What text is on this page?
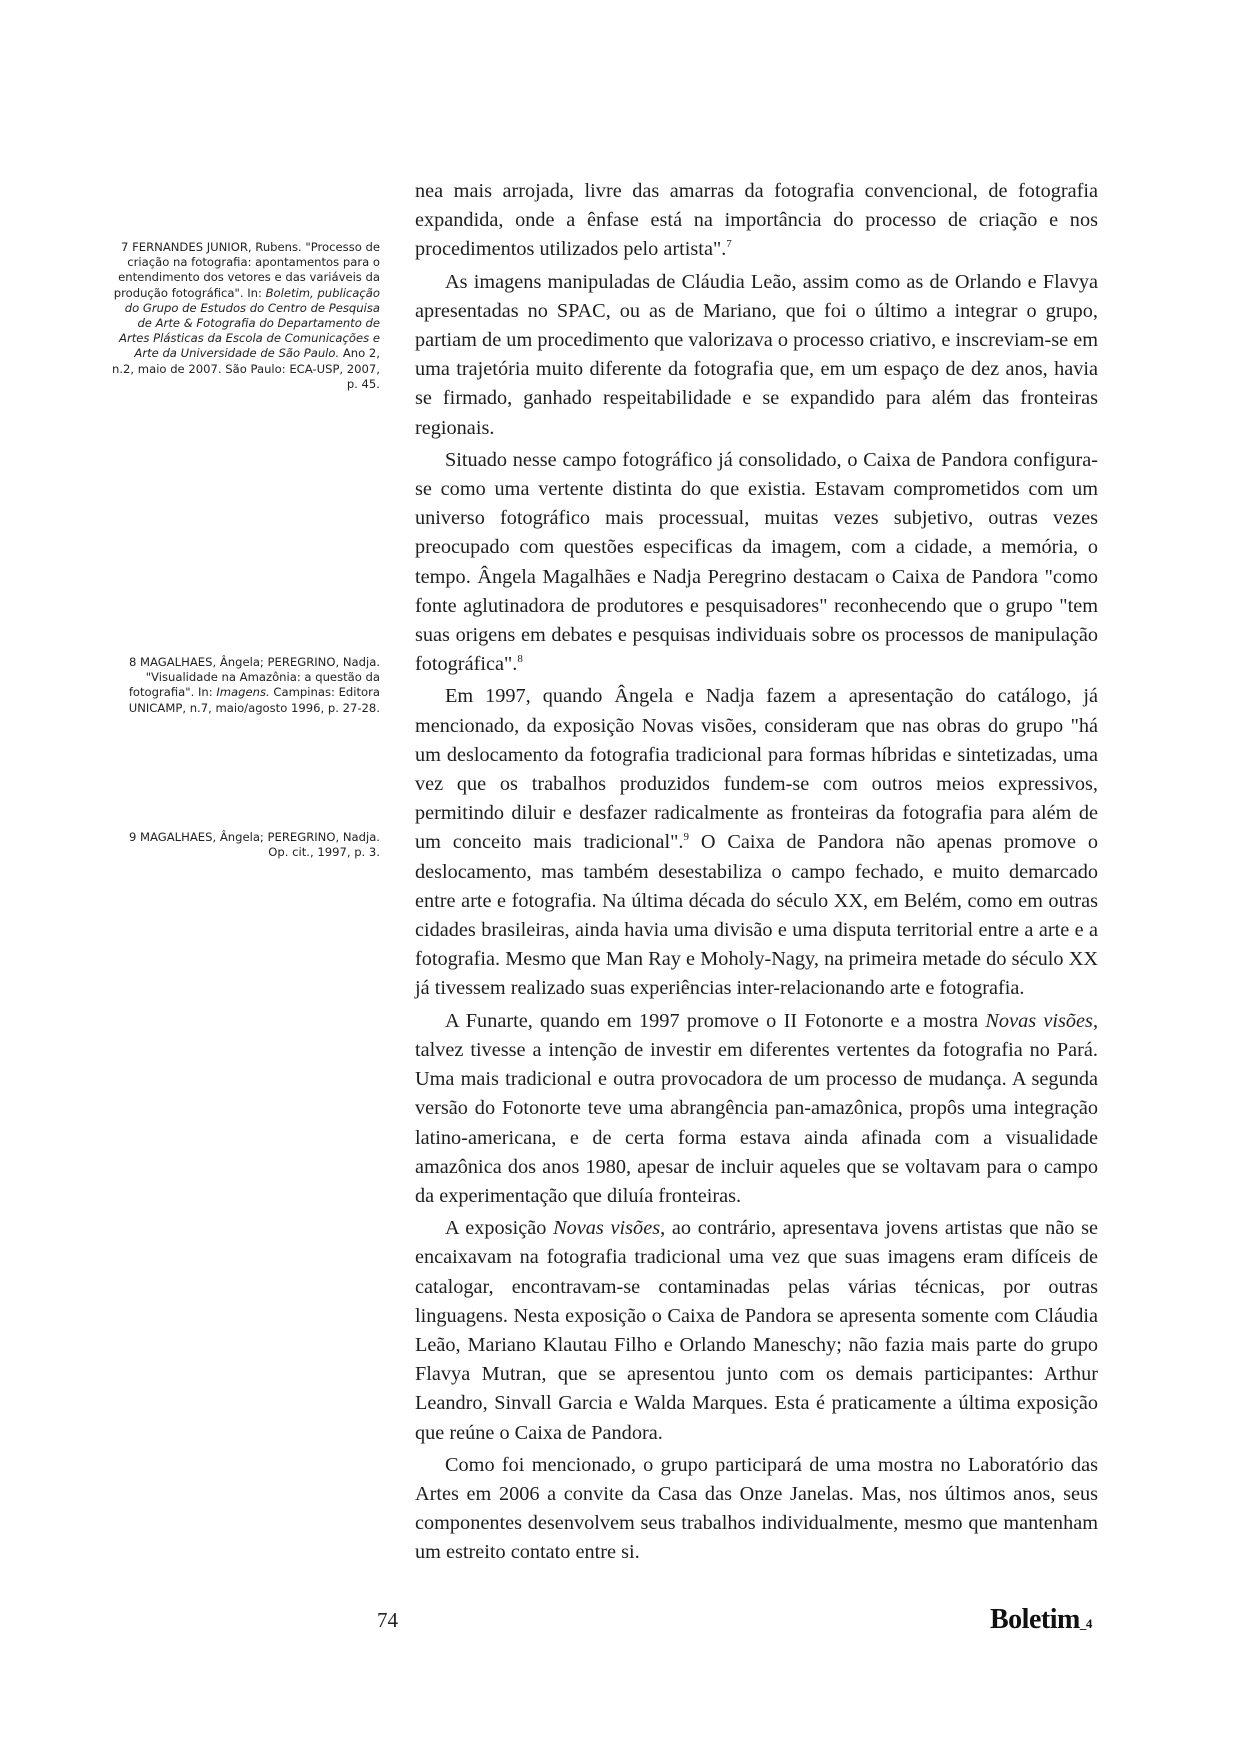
7 FERNANDES JUNIOR, Rubens. "Processo de criação na fotografia: apontamentos para o entendimento dos vetores e das variáveis da produção fotográfica". In: Boletim, publicação do Grupo de Estudos do Centro de Pesquisa de Arte & Fotografia do Departamento de Artes Plásticas da Escola de Comunicações e Arte da Universidade de São Paulo. Ano 2, n.2, maio de 2007. São Paulo: ECA-USP, 2007, p. 45.
8 MAGALHAES, Ângela; PEREGRINO, Nadja. "Visualidade na Amazônia: a questão da fotografia". In: Imagens. Campinas: Editora UNICAMP, n.7, maio/agosto 1996, p. 27-28.
9 MAGALHAES, Ângela; PEREGRINO, Nadja. Op. cit., 1997, p. 3.

nea mais arrojada, livre das amarras da fotografia convencional, de fotografia expandida, onde a ênfase está na importância do processo de criação e nos procedimentos utilizados pelo artista".$^7$

As imagens manipuladas de Cláudia Leão, assim como as de Orlando e Flavya apresentadas no SPAC, ou as de Mariano, que foi o último a integrar o grupo, partiam de um procedimento que valorizava o processo criativo, e inscreviam-se em uma trajetória muito diferente da fotografia que, em um espaço de dez anos, havia se firmado, ganhado respeitabilidade e se expandido para além das fronteiras regionais.

Situado nesse campo fotográfico já consolidado, o Caixa de Pandora configura-se como uma vertente distinta do que existia. Estavam comprometidos com um universo fotográfico mais processual, muitas vezes subjetivo, outras vezes preocupado com questões especificas da imagem, com a cidade, a memória, o tempo. Ângela Magalhães e Nadja Peregrino destacam o Caixa de Pandora "como fonte aglutinadora de produtores e pesquisadores" reconhecendo que o grupo "tem suas origens em debates e pesquisas individuais sobre os processos de manipulação fotográfica".$^8$

Em 1997, quando Ângela e Nadja fazem a apresentação do catálogo, já mencionado, da exposição Novas visões, consideram que nas obras do grupo "há um deslocamento da fotografia tradicional para formas híbridas e sintetizadas, uma vez que os trabalhos produzidos fundem-se com outros meios expressivos, permitindo diluir e desfazer radicalmente as fronteiras da fotografia para além de um conceito mais tradicional".$^9$ O Caixa de Pandora não apenas promove o deslocamento, mas também desestabiliza o campo fechado, e muito demarcado entre arte e fotografia. Na última década do século XX, em Belém, como em outras cidades brasileiras, ainda havia uma divisão e uma disputa territorial entre a arte e a fotografia. Mesmo que Man Ray e Moholy-Nagy, na primeira metade do século XX já tivessem realizado suas experiências inter-relacionando arte e fotografia.

A Funarte, quando em 1997 promove o II Fotonorte e a mostra Novas visões, talvez tivesse a intenção de investir em diferentes vertentes da fotografia no Pará. Uma mais tradicional e outra provocadora de um processo de mudança. A segunda versão do Fotonorte teve uma abrangência pan-amazônica, propôs uma integração latino-americana, e de certa forma estava ainda afinada com a visualidade amazônica dos anos 1980, apesar de incluir aqueles que se voltavam para o campo da experimentação que diluía fronteiras.

A exposição Novas visões, ao contrário, apresentava jovens artistas que não se encaixavam na fotografia tradicional uma vez que suas imagens eram difíceis de catalogar, encontravam-se contaminadas pelas várias técnicas, por outras linguagens. Nesta exposição o Caixa de Pandora se apresenta somente com Cláudia Leão, Mariano Klautau Filho e Orlando Maneschy; não fazia mais parte do grupo Flavya Mutran, que se apresentou junto com os demais participantes: Arthur Leandro, Sinvall Garcia e Walda Marques. Esta é praticamente a última exposição que reúne o Caixa de Pandora.

Como foi mencionado, o grupo participará de uma mostra no Laboratório das Artes em 2006 a convite da Casa das Onze Janelas. Mas, nos últimos anos, seus componentes desenvolvem seus trabalhos individualmente, mesmo que mantenham um estreito contato entre si.

74	Boletim_4
